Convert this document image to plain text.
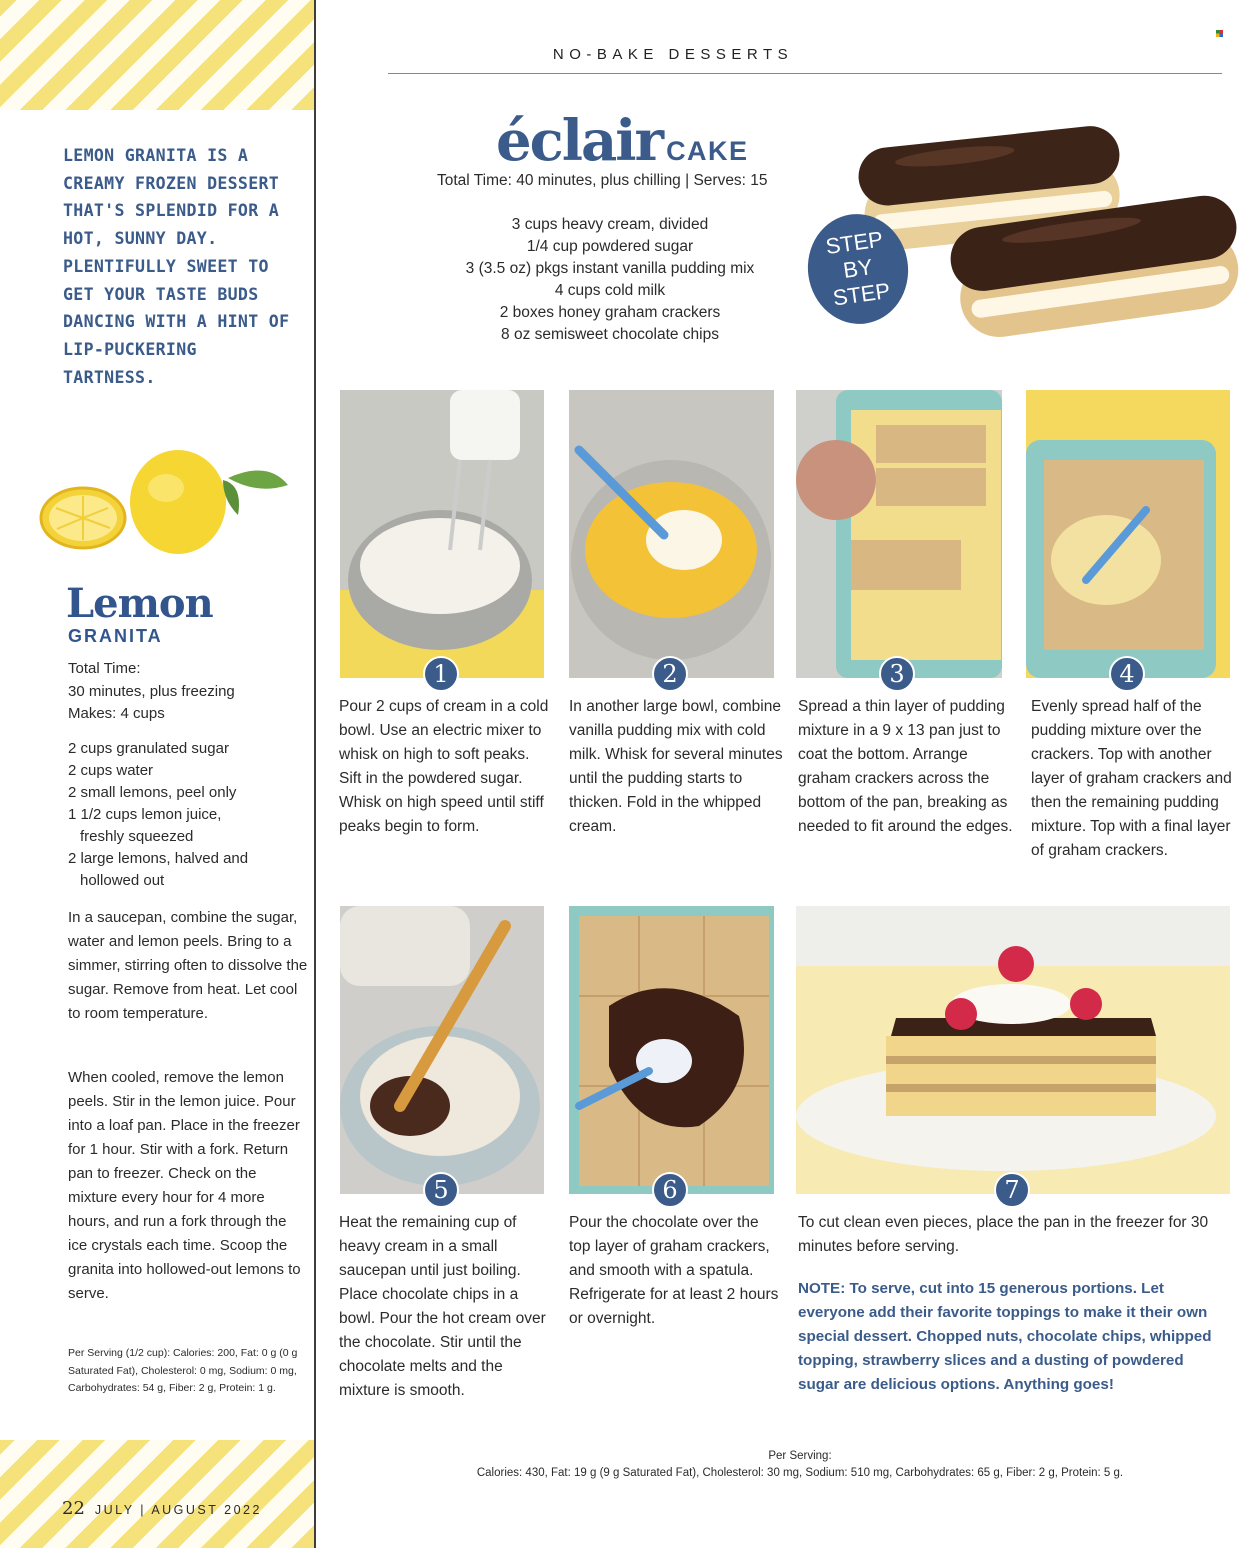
LEMON GRANITA IS A CREAMY FROZEN DESSERT THAT'S SPLENDID FOR A HOT, SUNNY DAY. PLENTIFULLY SWEET TO GET YOUR TASTE BUDS DANCING WITH A HINT OF LIP-PUCKERING TARTNESS.

Lemon
GRANITA
Total Time:
30 minutes, plus freezing
Makes: 4 cups
2 cups granulated sugar
2 cups water
2 small lemons, peel only
1 1/2 cups lemon juice,
freshly squeezed
2 large lemons, halved and
hollowed out

In a saucepan, combine the sugar, water and lemon peels. Bring to a simmer, stirring often to dissolve the sugar. Remove from heat. Let cool to room temperature.

When cooled, remove the lemon peels. Stir in the lemon juice. Pour into a loaf pan. Place in the freezer for 1 hour. Stir with a fork. Return pan to freezer. Check on the mixture every hour for 4 more hours, and run a fork through the ice crystals each time. Scoop the granita into hollowed-out lemons to serve.

Per Serving (1/2 cup): Calories: 200, Fat: 0 g (0 g Saturated Fat), Cholesterol: 0 mg, Sodium: 0 mg, Carbohydrates: 54 g, Fiber: 2 g, Protein: 1 g.

22 JULY | AUGUST 2022
NO-BAKE DESSERTS
éclair CAKE
Total Time: 40 minutes, plus chilling | Serves: 15
3 cups heavy cream, divided
1/4 cup powdered sugar
3 (3.5 oz) pkgs instant vanilla pudding mix
4 cups cold milk
2 boxes honey graham crackers
8 oz semisweet chocolate chips
STEP
BY
STEP
1

Pour 2 cups of cream in a cold bowl. Use an electric mixer to whisk on high to soft peaks. Sift in the powdered sugar. Whisk on high speed until stiff peaks begin to form.

2

In another large bowl, combine vanilla pudding mix with cold milk. Whisk for several minutes until the pudding starts to thicken. Fold in the whipped cream.

3

Spread a thin layer of pudding mixture in a 9 x 13 pan just to coat the bottom. Arrange graham crackers across the bottom of the pan, breaking as needed to fit around the edges.

4

Evenly spread half of the pudding mixture over the crackers. Top with another layer of graham crackers and then the remaining pudding mixture. Top with a final layer of graham crackers.

5

Heat the remaining cup of heavy cream in a small saucepan until just boiling. Place chocolate chips in a bowl. Pour the hot cream over the chocolate. Stir until the chocolate melts and the mixture is smooth.

6

Pour the chocolate over the top layer of graham crackers, and smooth with a spatula. Refrigerate for at least 2 hours or overnight.

7

To cut clean even pieces, place the pan in the freezer for 30 minutes before serving.

NOTE: To serve, cut into 15 generous portions. Let everyone add their favorite toppings to make it their own special dessert. Chopped nuts, chocolate chips, whipped topping, strawberry slices and a dusting of powdered sugar are delicious options. Anything goes!

Per Serving:
Calories: 430, Fat: 19 g (9 g Saturated Fat), Cholesterol: 30 mg, Sodium: 510 mg, Carbohydrates: 65 g, Fiber: 2 g, Protein: 5 g.
